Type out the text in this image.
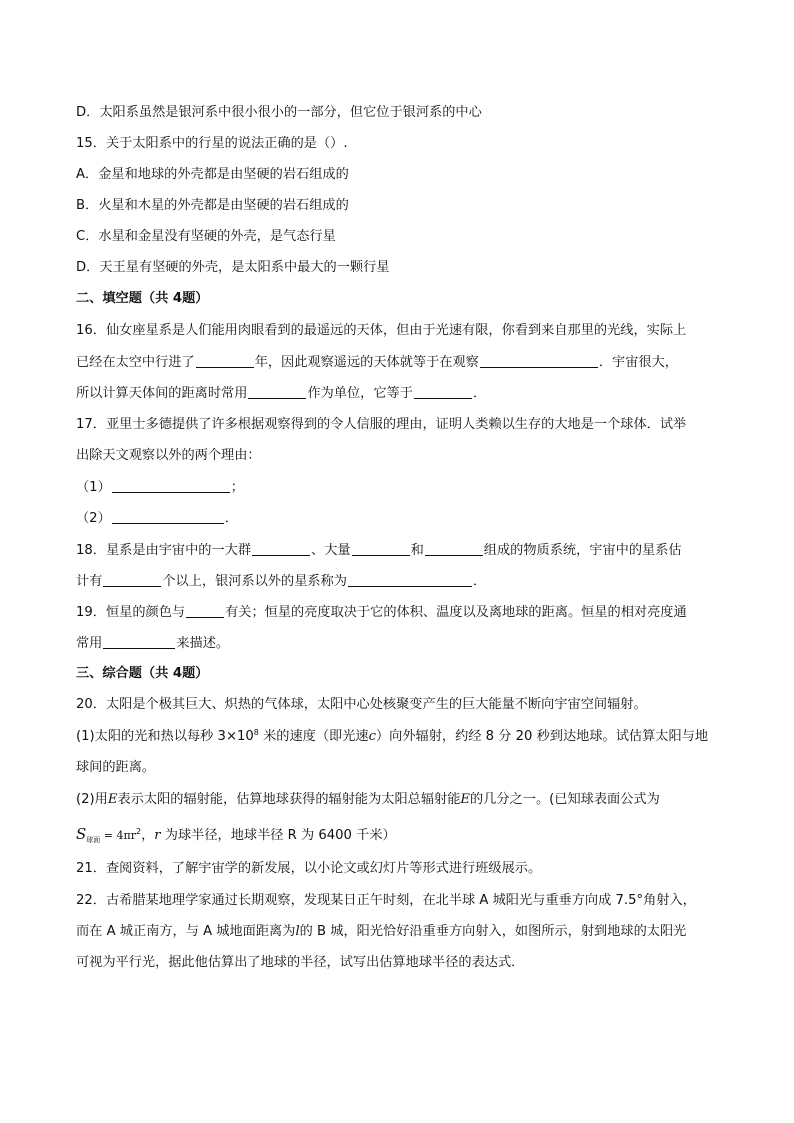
D．太阳系虽然是银河系中很小很小的一部分，但它位于银河系的中心
15．关于太阳系中的行星的说法正确的是（）.
A．金星和地球的外壳都是由坚硬的岩石组成的
B．火星和木星的外壳都是由坚硬的岩石组成的
C．水星和金星没有坚硬的外壳，是气态行星
D．天王星有坚硬的外壳，是太阳系中最大的一颗行星
二、填空题（共 4题）
16．仙女座星系是人们能用肉眼看到的最遥远的天体，但由于光速有限，你看到来自那里的光线，实际上
已经在太空中行进了	年，因此观察遥远的天体就等于在观察	．宇宙很大，
所以计算天体间的距离时常用	作为单位，它等于	．
17．亚里士多德提供了许多根据观察得到的令人信服的理由，证明人类赖以生存的大地是一个球体．试举
出除天文观察以外的两个理由：
（1）	；
（2）	．
18．星系是由宇宙中的一大群	、大量	和	组成的物质系统，宇宙中的星系估
计有	个以上，银河系以外的星系称为	．
19．恒星的颜色与	有关；恒星的亮度取决于它的体积、温度以及离地球的距离。恒星的相对亮度通
常用	来描述。
三、综合题（共 4题）
20．太阳是个极其巨大、炽热的气体球，太阳中心处核聚变产生的巨大能量不断向宇宙空间辐射。
(1)太阳的光和热以每秒 $3\times 10^8$ 米的速度（即光速c）向外辐射，约经 8 分 20 秒到达地球。试估算太阳与地
球间的距离。
(2)用E表示太阳的辐射能，估算地球获得的辐射能为太阳总辐射能E的几分之一。(已知球表面公式为
$S_{球面} = 4\pi r^2$，r 为球半径，地球半径 R 为 6400 千米）
21．查阅资料，了解宇宙学的新发展，以小论文或幻灯片等形式进行班级展示。
22．古希腊某地理学家通过长期观察，发现某日正午时刻，在北半球 A 城阳光与重垂方向成 7.5°角射入，
而在 A 城正南方，与 A 城地面距离为l的 B 城，阳光恰好沿重垂方向射入，如图所示，射到地球的太阳光
可视为平行光，据此他估算出了地球的半径，试写出估算地球半径的表达式．
